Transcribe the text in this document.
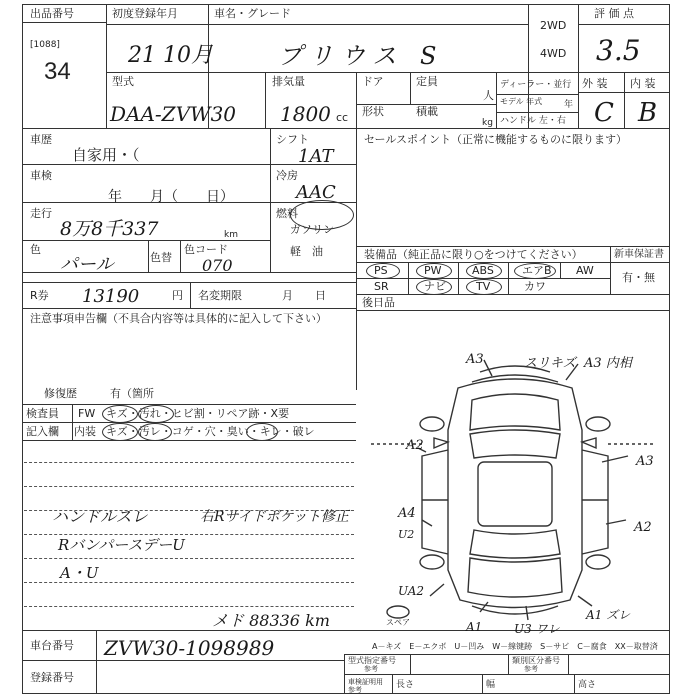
出品番号
[1088]
34
初度登録年月
21 10月
車名・グレード
プリウス S
2WD
4WD
評 価 点
3.5
型式
DAA-ZVW30
排気量
1800 cc
ドア	定員
人
形状	積載
kg
ディーラー・並行
モデル 年式	年
ハンドル 左・右
外 装 内 装
C B
車歴
自家用・（
シフト
1AT
セールスポイント（正常に機能するものに限ります）
車検
年　　月（　　日）
冷房
AAC
走行
8万8千337	km
燃料
ガソリン
軽　油
色
パール	色替
色コード
070
R券 13190	円 名変期限	月　　日
装備品（純正品に限り○をつけてください）	新車保証書
有・無
PS	PW	ABS	エアB AW
SR	ナビ	TV	カワ
後日品
注意事項申告欄（不具合内容等は具体的に記入して下さい）
修復歴	有（箇所
検査員
記入欄
FW キズ・汚れ・ヒビ割・リペア跡・X要
内装 キズ・汚レ・コゲ・穴・臭い・キレ・破レ
ハンドルスレ
RバンパースデーU
A・U
右Rサイドボケット修正
メド 88336 km
A3	スリキズ A3 内相
A3
A2
A2
A4
U2
UA2
A1	U3 ワレ
A1 ズレ
スペア
A－キズ　E－エクボ　U－凹み　W－線键跡　S－サビ　C－腐食　XX－取替済
車台番号 ZVW30-1098989
登録番号
型式指定番号
参考
類別区分番号
参考
車検証明用 参考	長さ	幅	高さ
